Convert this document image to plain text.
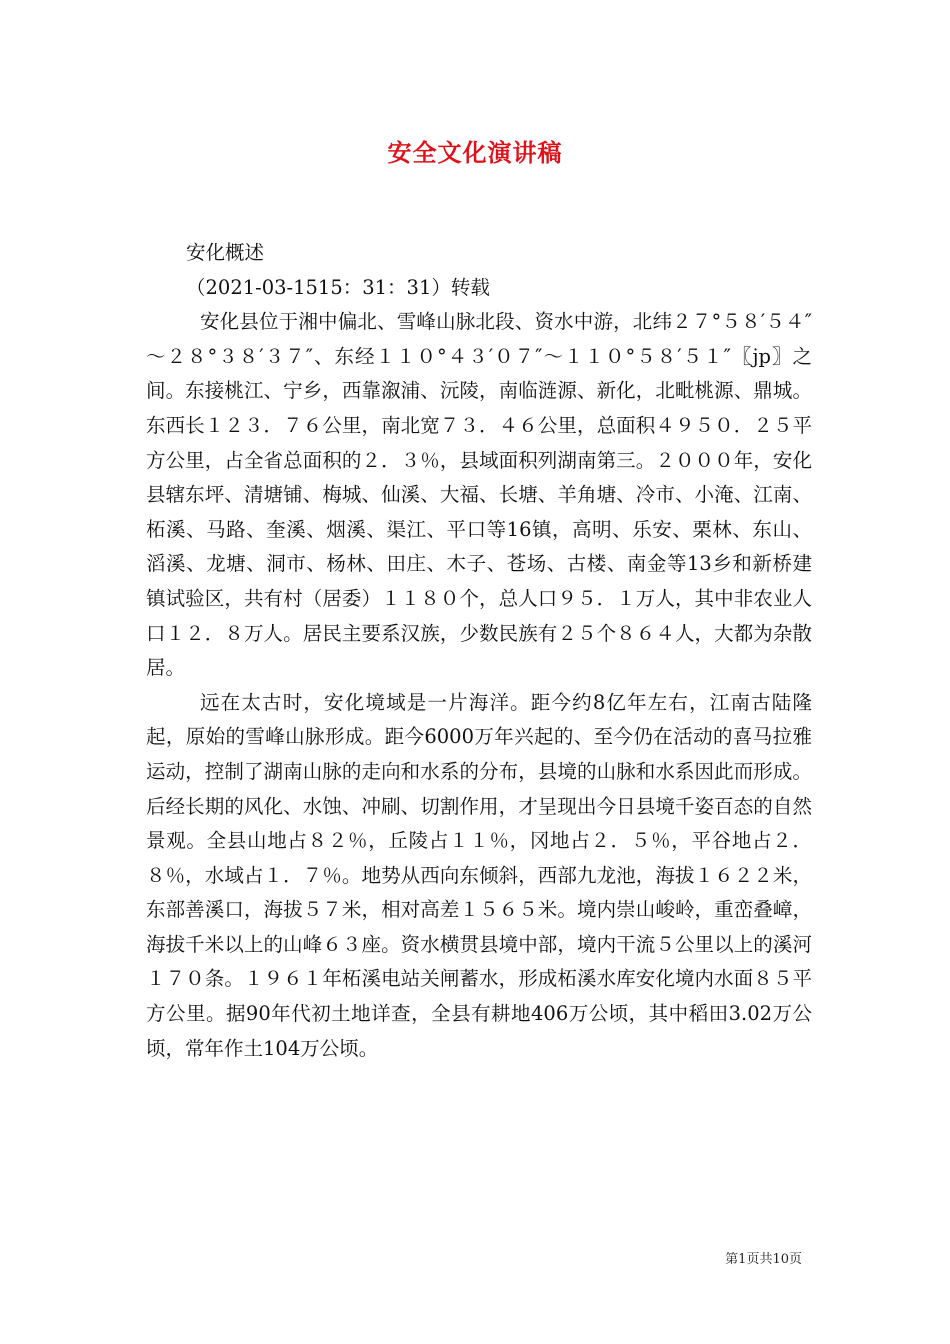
安全文化演讲稿

安化概述

（2021-03-1515：31：31）转载

安化县位于湘中偏北、雪峰山脉北段、资水中游，北纬２７°５８′５４″～２８°３８′３７″、东经１１０°４３′０７″～１１０°５８′５１″〖jp〗之间。东接桃江、宁乡，西靠溆浦、沅陵，南临涟源、新化，北毗桃源、鼎城。东西长１２３．７６公里，南北宽７３．４６公里，总面积４９５０．２５平方公里，占全省总面积的２．３％，县域面积列湖南第三。２０００年，安化县辖东坪、清塘铺、梅城、仙溪、大福、长塘、羊角塘、冷市、小淹、江南、柘溪、马路、奎溪、烟溪、渠江、平口等16镇，高明、乐安、栗林、东山、滔溪、龙塘、洞市、杨林、田庄、木子、苍场、古楼、南金等13乡和新桥建镇试验区，共有村（居委）１１８０个，总人口９５．１万人，其中非农业人口１２．８万人。居民主要系汉族，少数民族有２５个８６４人，大都为杂散居。

远在太古时，安化境域是一片海洋。距今约8亿年左右，江南古陆隆起，原始的雪峰山脉形成。距今6000万年兴起的、至今仍在活动的喜马拉雅运动，控制了湖南山脉的走向和水系的分布，县境的山脉和水系因此而形成。后经长期的风化、水蚀、冲刷、切割作用，才呈现出今日县境千姿百态的自然景观。全县山地占８２％，丘陵占１１％，冈地占２．５％，平谷地占２．８％，水域占１．７％。地势从西向东倾斜，西部九龙池，海拔１６２２米，东部善溪口，海拔５７米，相对高差１５６５米。境内崇山峻岭，重峦叠嶂，海拔千米以上的山峰６３座。资水横贯县境中部，境内干流５公里以上的溪河１７０条。１９６１年柘溪电站关闸蓄水，形成柘溪水库安化境内水面８５平方公里。据90年代初土地详查，全县有耕地406万公顷，其中稻田3.02万公顷，常年作土104万公顷。

第1页共10页
